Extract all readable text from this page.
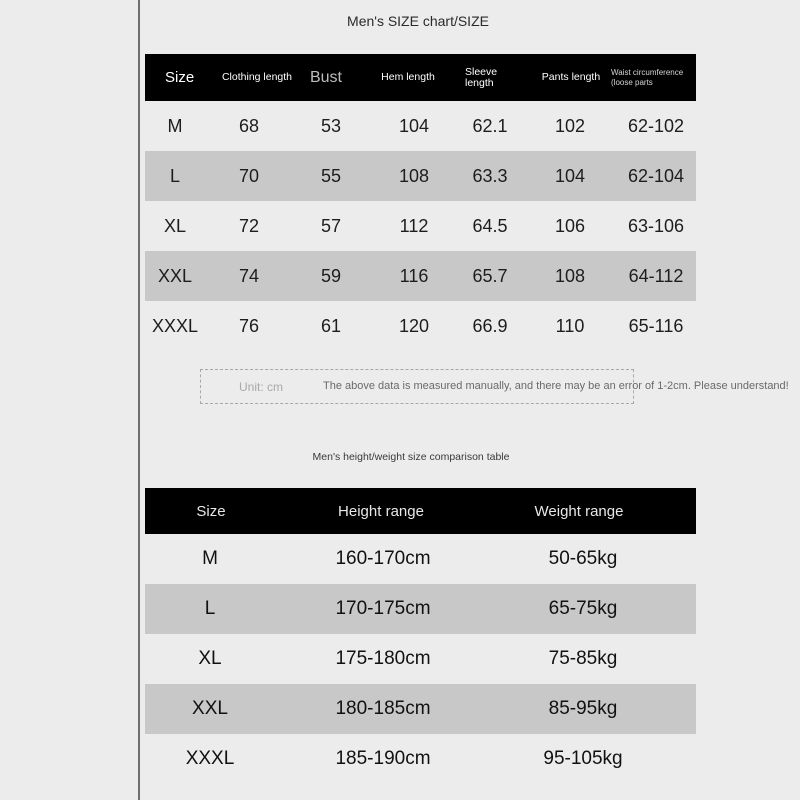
Men's SIZE chart/SIZE
Size	Clothing length	Bust	Hem length	Sleeve length	Pants length	Waist circumference (loose parts
M	68	53	104	62.1	102	62-102
L	70	55	108	63.3	104	62-104
XL	72	57	112	64.5	106	63-106
XXL	74	59	116	65.7	108	64-112
XXXL	76	61	120	66.9	110	65-116
Unit: cm	The above data is measured manually, and there may be an error of 1-2cm. Please understand!
Men's height/weight size comparison table
Size	Height range	Weight range
M	160-170cm	50-65kg
L	170-175cm	65-75kg
XL	175-180cm	75-85kg
XXL	180-185cm	85-95kg
XXXL	185-190cm	95-105kg
